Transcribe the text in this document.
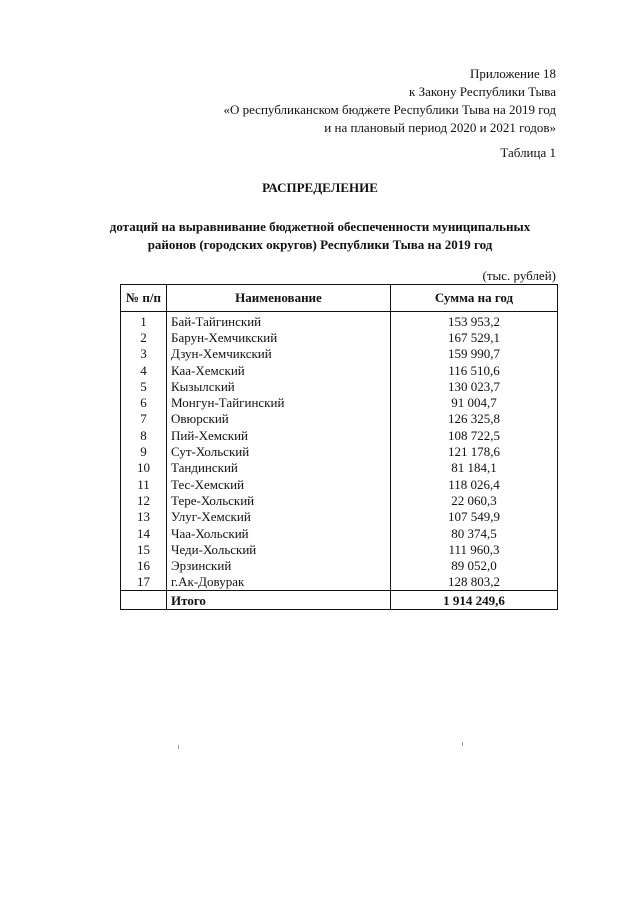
Приложение 18
к Закону Республики Тыва
«О республиканском бюджете Республики Тыва на 2019 год
и на плановый период 2020 и 2021 годов»
Таблица 1
РАСПРЕДЕЛЕНИЕ
дотаций на выравнивание бюджетной обеспеченности муниципальных
районов (городских округов) Республики Тыва на 2019 год
(тыс. рублей)
№ п/п	Наименование	Сумма на год
1	Бай-Тайгинский	153 953,2
2	Барун-Хемчикский	167 529,1
3	Дзун-Хемчикский	159 990,7
4	Каа-Хемский	116 510,6
5	Кызылский	130 023,7
6	Монгун-Тайгинский	91 004,7
7	Овюрский	126 325,8
8	Пий-Хемский	108 722,5
9	Сут-Хольский	121 178,6
10	Тандинский	81 184,1
11	Тес-Хемский	118 026,4
12	Тере-Хольский	22 060,3
13	Улуг-Хемский	107 549,9
14	Чаа-Хольский	80 374,5
15	Чеди-Хольский	111 960,3
16	Эрзинский	89 052,0
17	г.Ак-Довурак	128 803,2
	Итого	1 914 249,6
